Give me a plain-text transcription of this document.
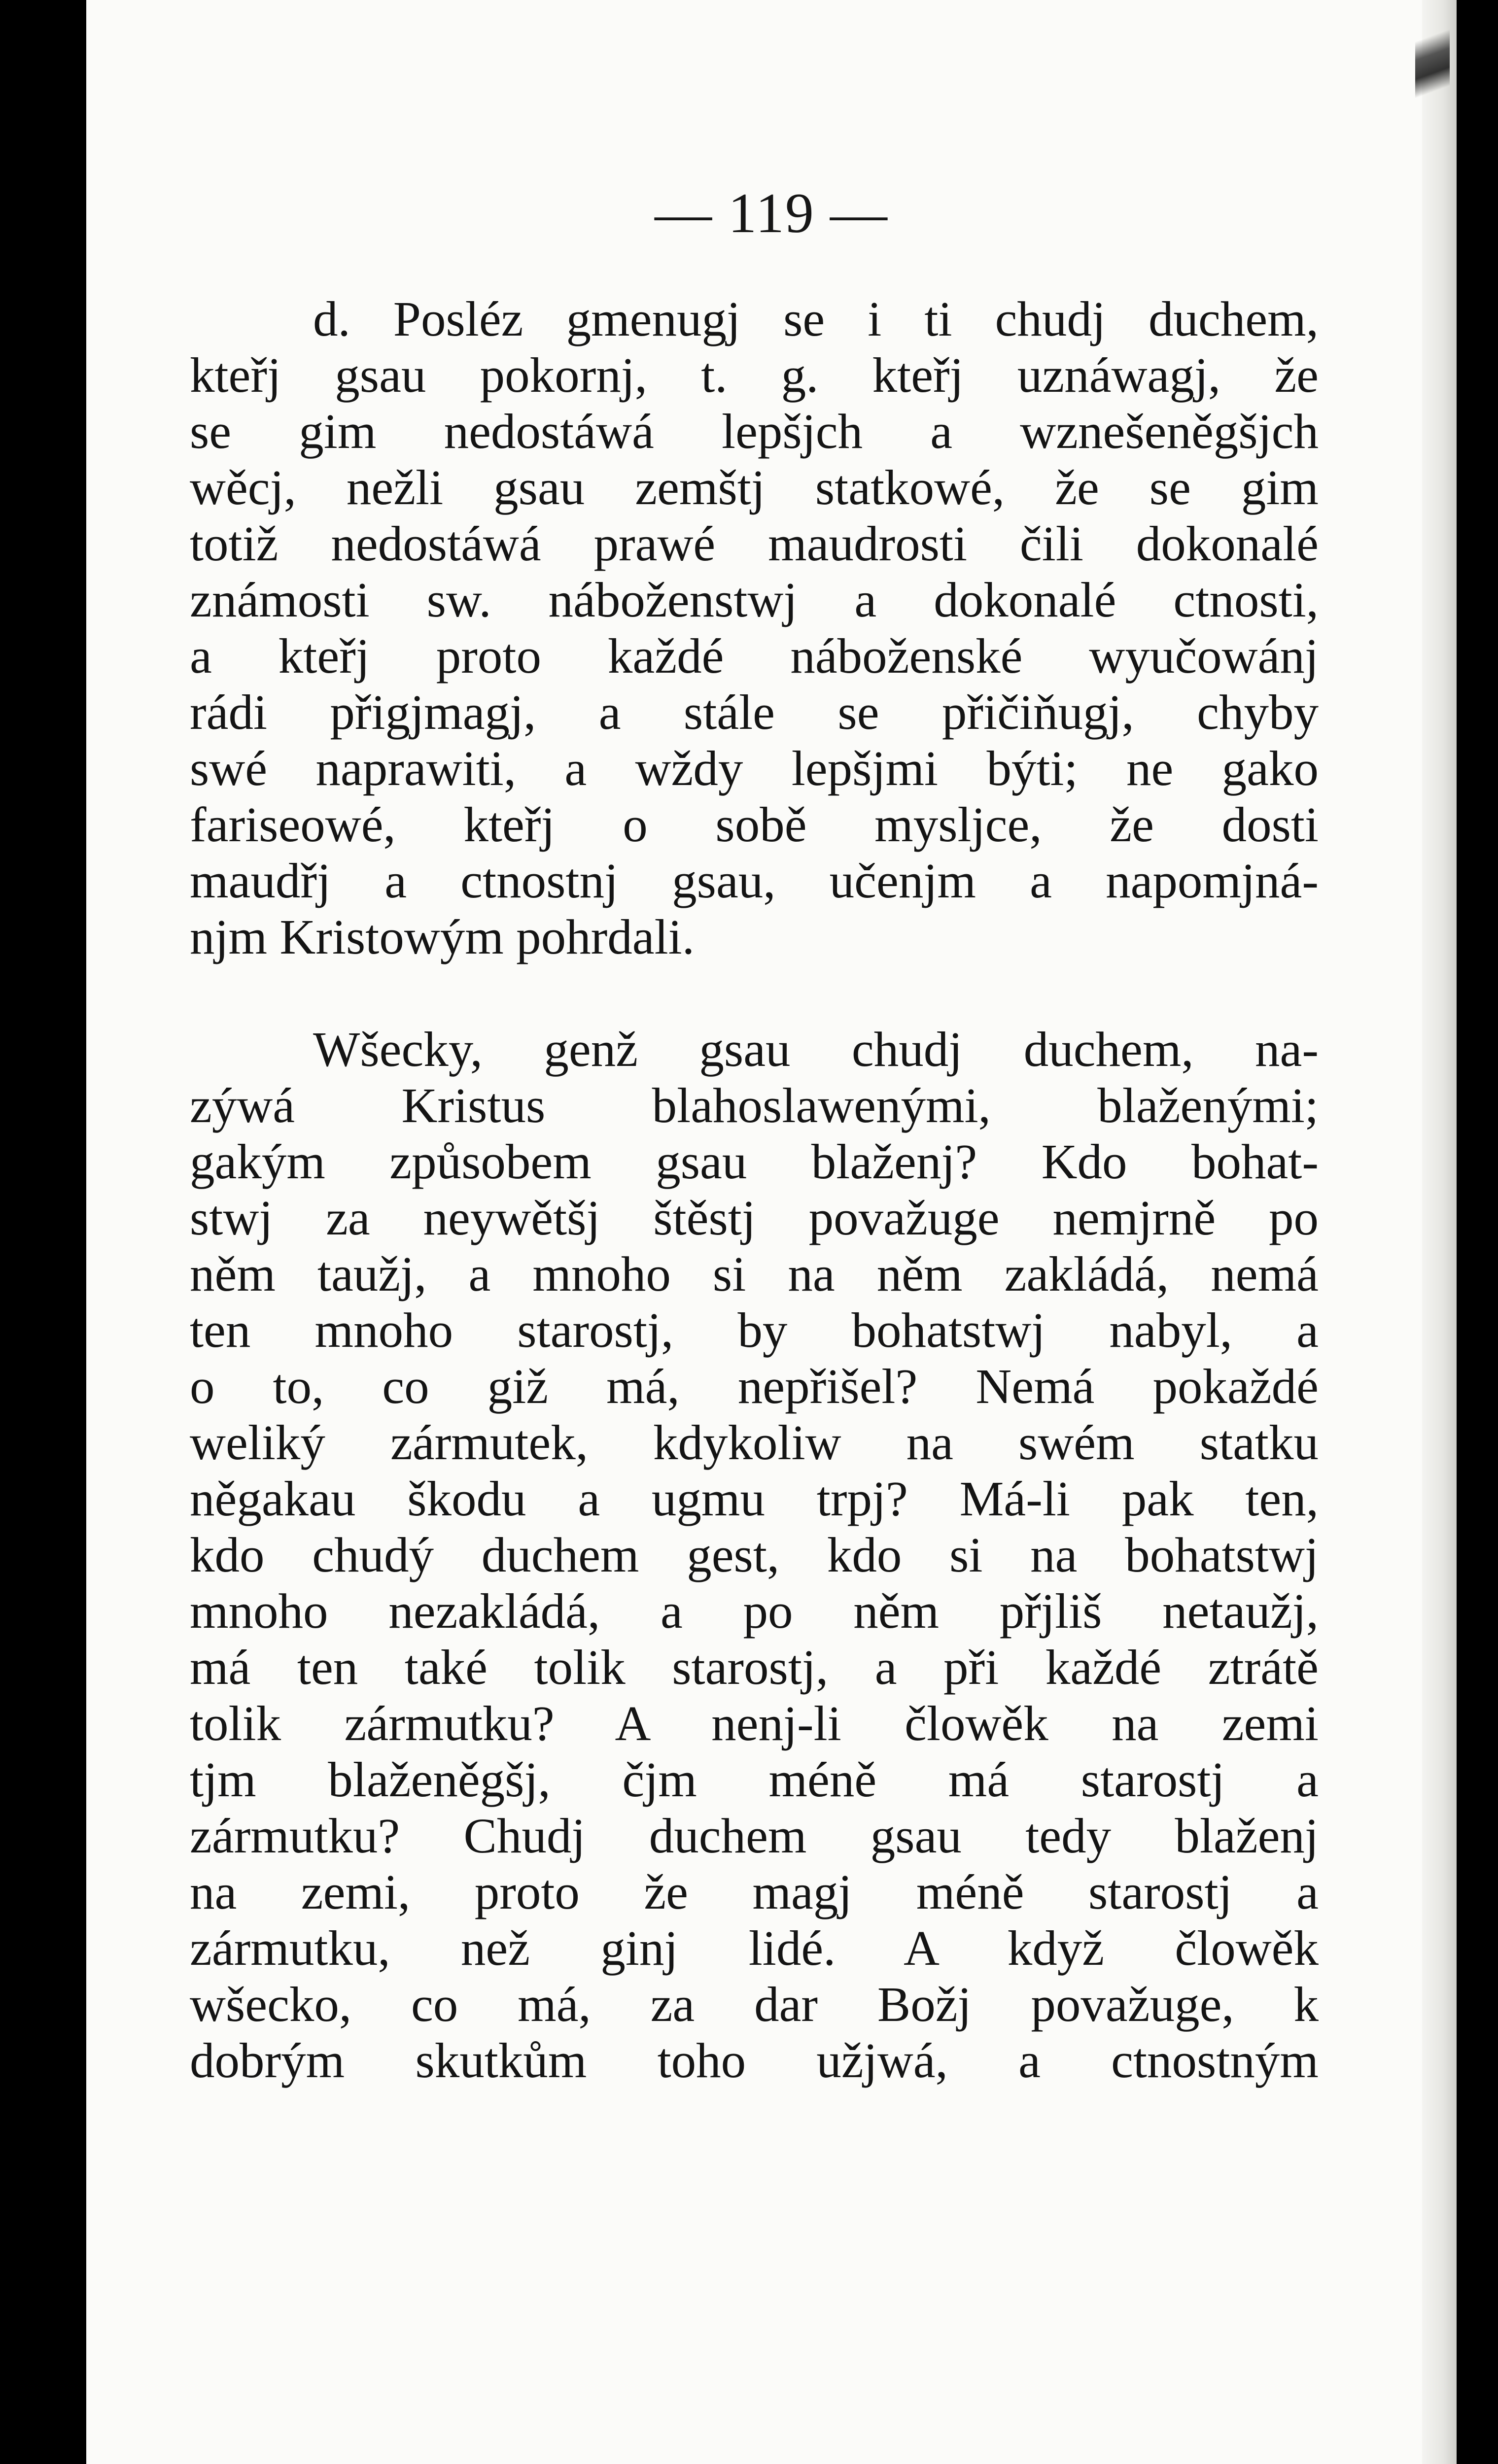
— 119 —

d. Posléz gmenugj se i ti chudj duchem,
kteřj gsau pokornj, t. g. kteřj uznáwagj, že
se gim nedostáwá lepšjch a wznešeněgšjch
wěcj, nežli gsau zemštj statkowé, že se gim
totiž nedostáwá prawé maudrosti čili dokonalé
známosti sw. náboženstwj a dokonalé ctnosti,
a kteřj proto každé náboženské wyučowánj
rádi přigjmagj, a stále se přičiňugj, chyby
swé naprawiti, a wždy lepšjmi býti; ne gako
fariseowé, kteřj o sobě mysljce, že dosti
maudřj a ctnostnj gsau, učenjm a napomjná-
njm Kristowým pohrdali.

Wšecky, genž gsau chudj duchem, na-
zýwá Kristus blahoslawenými, blaženými;
gakým způsobem gsau blaženj? Kdo bohat-
stwj za neywětšj štěstj považuge nemjrně po
něm taužj, a mnoho si na něm zakládá, nemá
ten mnoho starostj, by bohatstwj nabyl, a
o to, co giž má, nepřišel? Nemá pokaždé
weliký zármutek, kdykoliw na swém statku
něgakau škodu a ugmu trpj? Má-li pak ten,
kdo chudý duchem gest, kdo si na bohatstwj
mnoho nezakládá, a po něm přjliš netaužj,
má ten také tolik starostj, a při každé ztrátě
tolik zármutku? A nenj-li člowěk na zemi
tjm blaženěgšj, čjm méně má starostj a
zármutku? Chudj duchem gsau tedy blaženj
na zemi, proto že magj méně starostj a
zármutku, než ginj lidé. A když člowěk
wšecko, co má, za dar Božj považuge, k
dobrým skutkům toho užjwá, a ctnostným
